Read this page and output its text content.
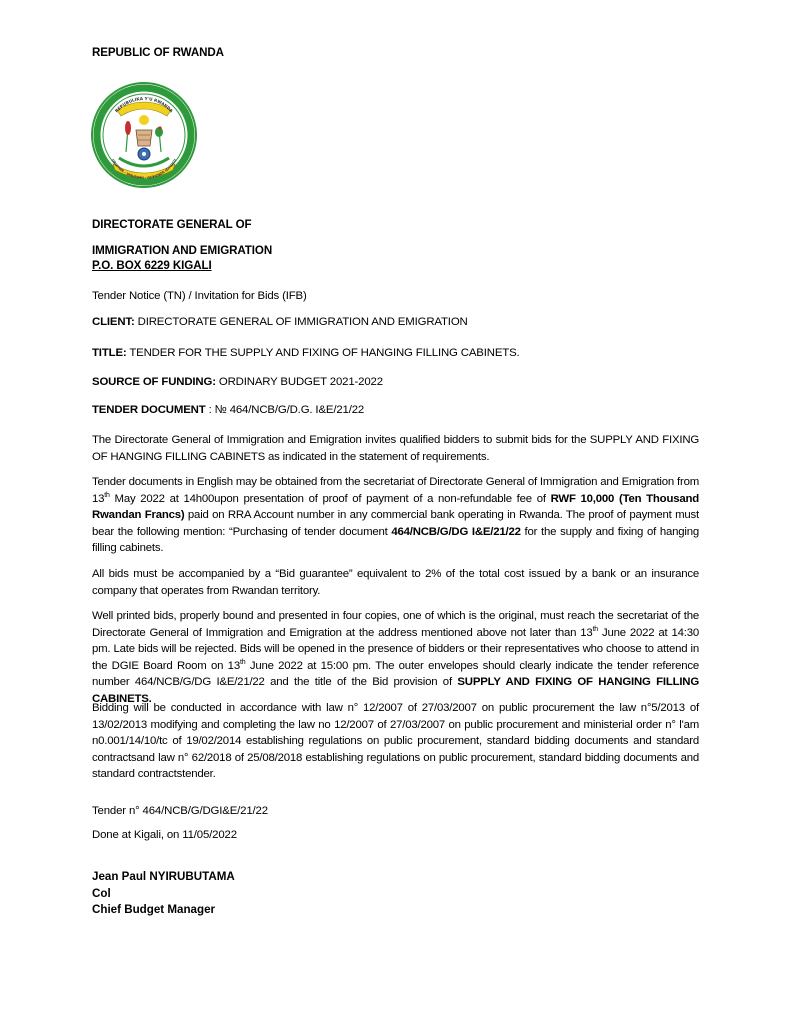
REPUBLIC OF RWANDA
REPUBULIKA Y'U RWANDA
UBUMWE - UMURIMO - GUKUNDA IGIHUGU
DIRECTORATE GENERAL OF
IMMIGRATION AND EMIGRATION
P.O. BOX 6229 KIGALI
Tender Notice (TN) / Invitation for Bids (IFB)
CLIENT: DIRECTORATE GENERAL OF IMMIGRATION AND EMIGRATION
TITLE: TENDER FOR THE SUPPLY AND FIXING OF HANGING FILLING CABINETS.
SOURCE OF FUNDING: ORDINARY BUDGET 2021-2022
TENDER DOCUMENT : № 464/NCB/G/D.G. I&E/21/22
The Directorate General of Immigration and Emigration invites qualified bidders to submit bids for the SUPPLY AND FIXING OF HANGING FILLING CABINETS as indicated in the statement of requirements.
Tender documents in English may be obtained from the secretariat of Directorate General of Immigration and Emigration from 13th May 2022 at 14h00upon presentation of proof of payment of a non-refundable fee of RWF 10,000 (Ten Thousand Rwandan Francs) paid on RRA Account number in any commercial bank operating in Rwanda. The proof of payment must bear the following mention: “Purchasing of tender document 464/NCB/G/DG I&E/21/22 for the supply and fixing of hanging filling cabinets.
All bids must be accompanied by a “Bid guarantee” equivalent to 2% of the total cost issued by a bank or an insurance company that operates from Rwandan territory.
Well printed bids, properly bound and presented in four copies, one of which is the original, must reach the secretariat of the Directorate General of Immigration and Emigration at the address mentioned above not later than 13th June 2022 at 14:30 pm. Late bids will be rejected. Bids will be opened in the presence of bidders or their representatives who choose to attend in the DGIE Board Room on 13th June 2022 at 15:00 pm. The outer envelopes should clearly indicate the tender reference number 464/NCB/G/DG I&E/21/22 and the title of the Bid provision of SUPPLY AND FIXING OF HANGING FILLING CABINETS.
Bidding will be conducted in accordance with law n° 12/2007 of 27/03/2007 on public procurement the law n°5/2013 of 13/02/2013 modifying and completing the law no 12/2007 of 27/03/2007 on public procurement and ministerial order n° l'am n0.001/14/10/tc of 19/02/2014 establishing regulations on public procurement, standard bidding documents and standard contractsand law n° 62/2018 of 25/08/2018 establishing regulations on public procurement, standard bidding documents and standard contractstender.
Tender n° 464/NCB/G/DGI&E/21/22
Done at Kigali, on 11/05/2022
Jean Paul NYIRUBUTAMA
Col
Chief Budget Manager
